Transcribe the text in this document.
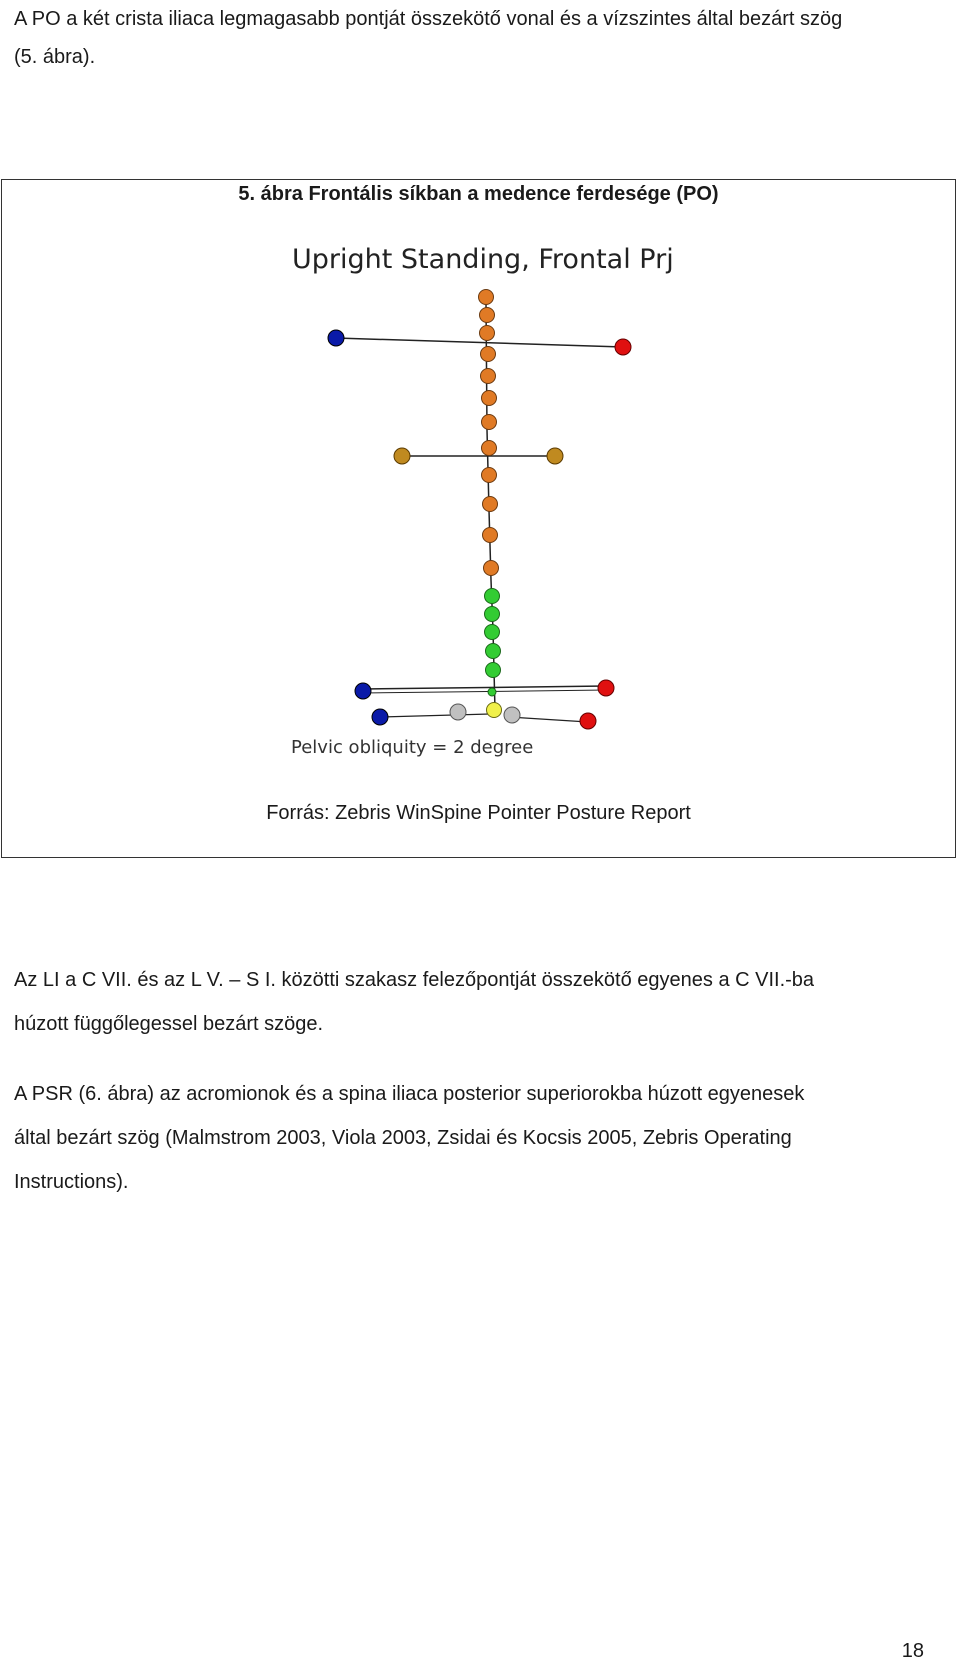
A PO a két crista iliaca legmagasabb pontját összekötő vonal és a vízszintes által bezárt szög
(5. ábra).

5. ábra Frontális síkban a medence ferdesége (PO)
Upright Standing, Frontal Prj
Pelvic obliquity = 2 degree
Forrás: Zebris WinSpine Pointer Posture Report

Az LI a C VII. és az L V. – S I. közötti szakasz felezőpontját összekötő egyenes a C VII.-ba
húzott függőlegessel bezárt szöge.

A PSR (6. ábra) az acromionok és a spina iliaca posterior superiorokba húzott egyenesek
által bezárt szög (Malmstrom 2003, Viola 2003, Zsidai és Kocsis 2005, Zebris Operating
Instructions).

18
